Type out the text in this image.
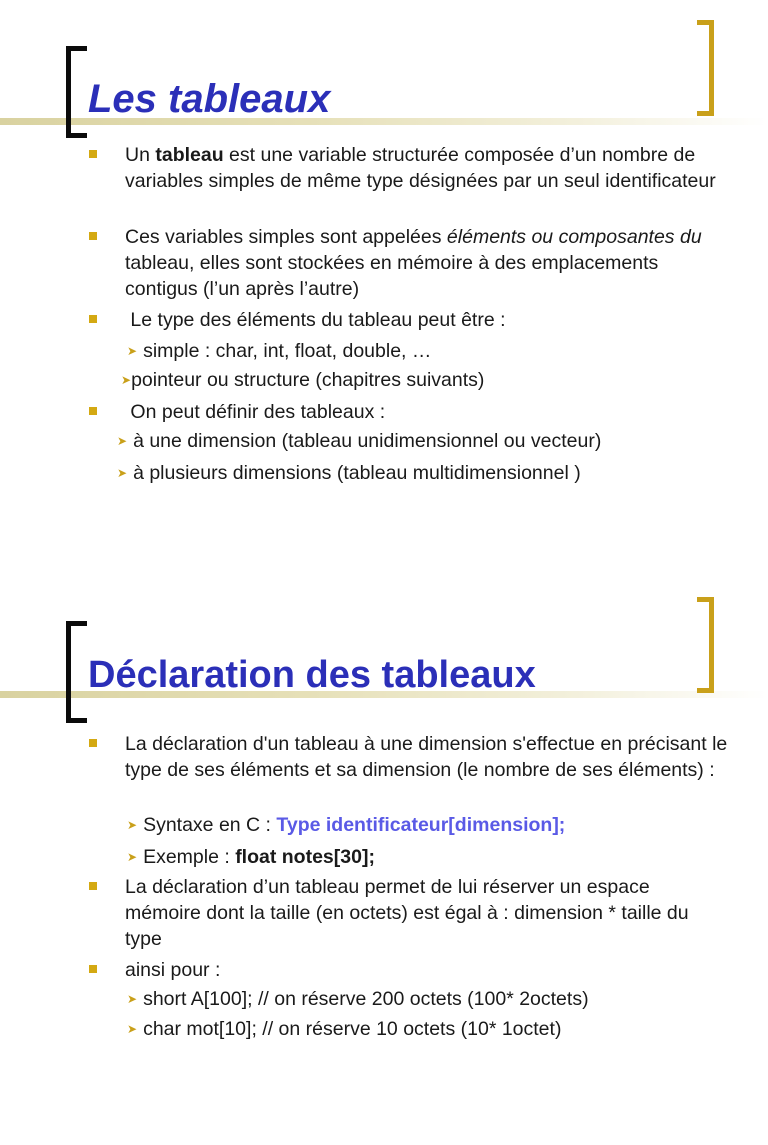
Les tableaux
Un tableau est une variable structurée composée d’un nombre de variables simples de même type désignées par un seul identificateur
Ces variables simples sont appelées éléments ou composantes du tableau, elles sont stockées en mémoire à des emplacements contigus (l’un après l’autre)
Le type des éléments du tableau peut être :
➤ simple : char, int, float, double, …
➤pointeur ou structure (chapitres suivants)
On peut définir des tableaux :
➤ à une dimension (tableau unidimensionnel ou vecteur)
➤ à plusieurs dimensions (tableau multidimensionnel )
Déclaration des tableaux
La déclaration d'un tableau à une dimension s'effectue en précisant le type de ses éléments et sa dimension (le nombre de ses éléments) :
➤ Syntaxe en C : Type identificateur[dimension];
➤ Exemple : float notes[30];
La déclaration d’un tableau permet de lui réserver un espace mémoire dont la taille (en octets) est égal à : dimension * taille du type
ainsi pour :
➤ short A[100]; // on réserve 200 octets (100* 2octets)
➤ char mot[10]; // on réserve 10 octets (10* 1octet)
